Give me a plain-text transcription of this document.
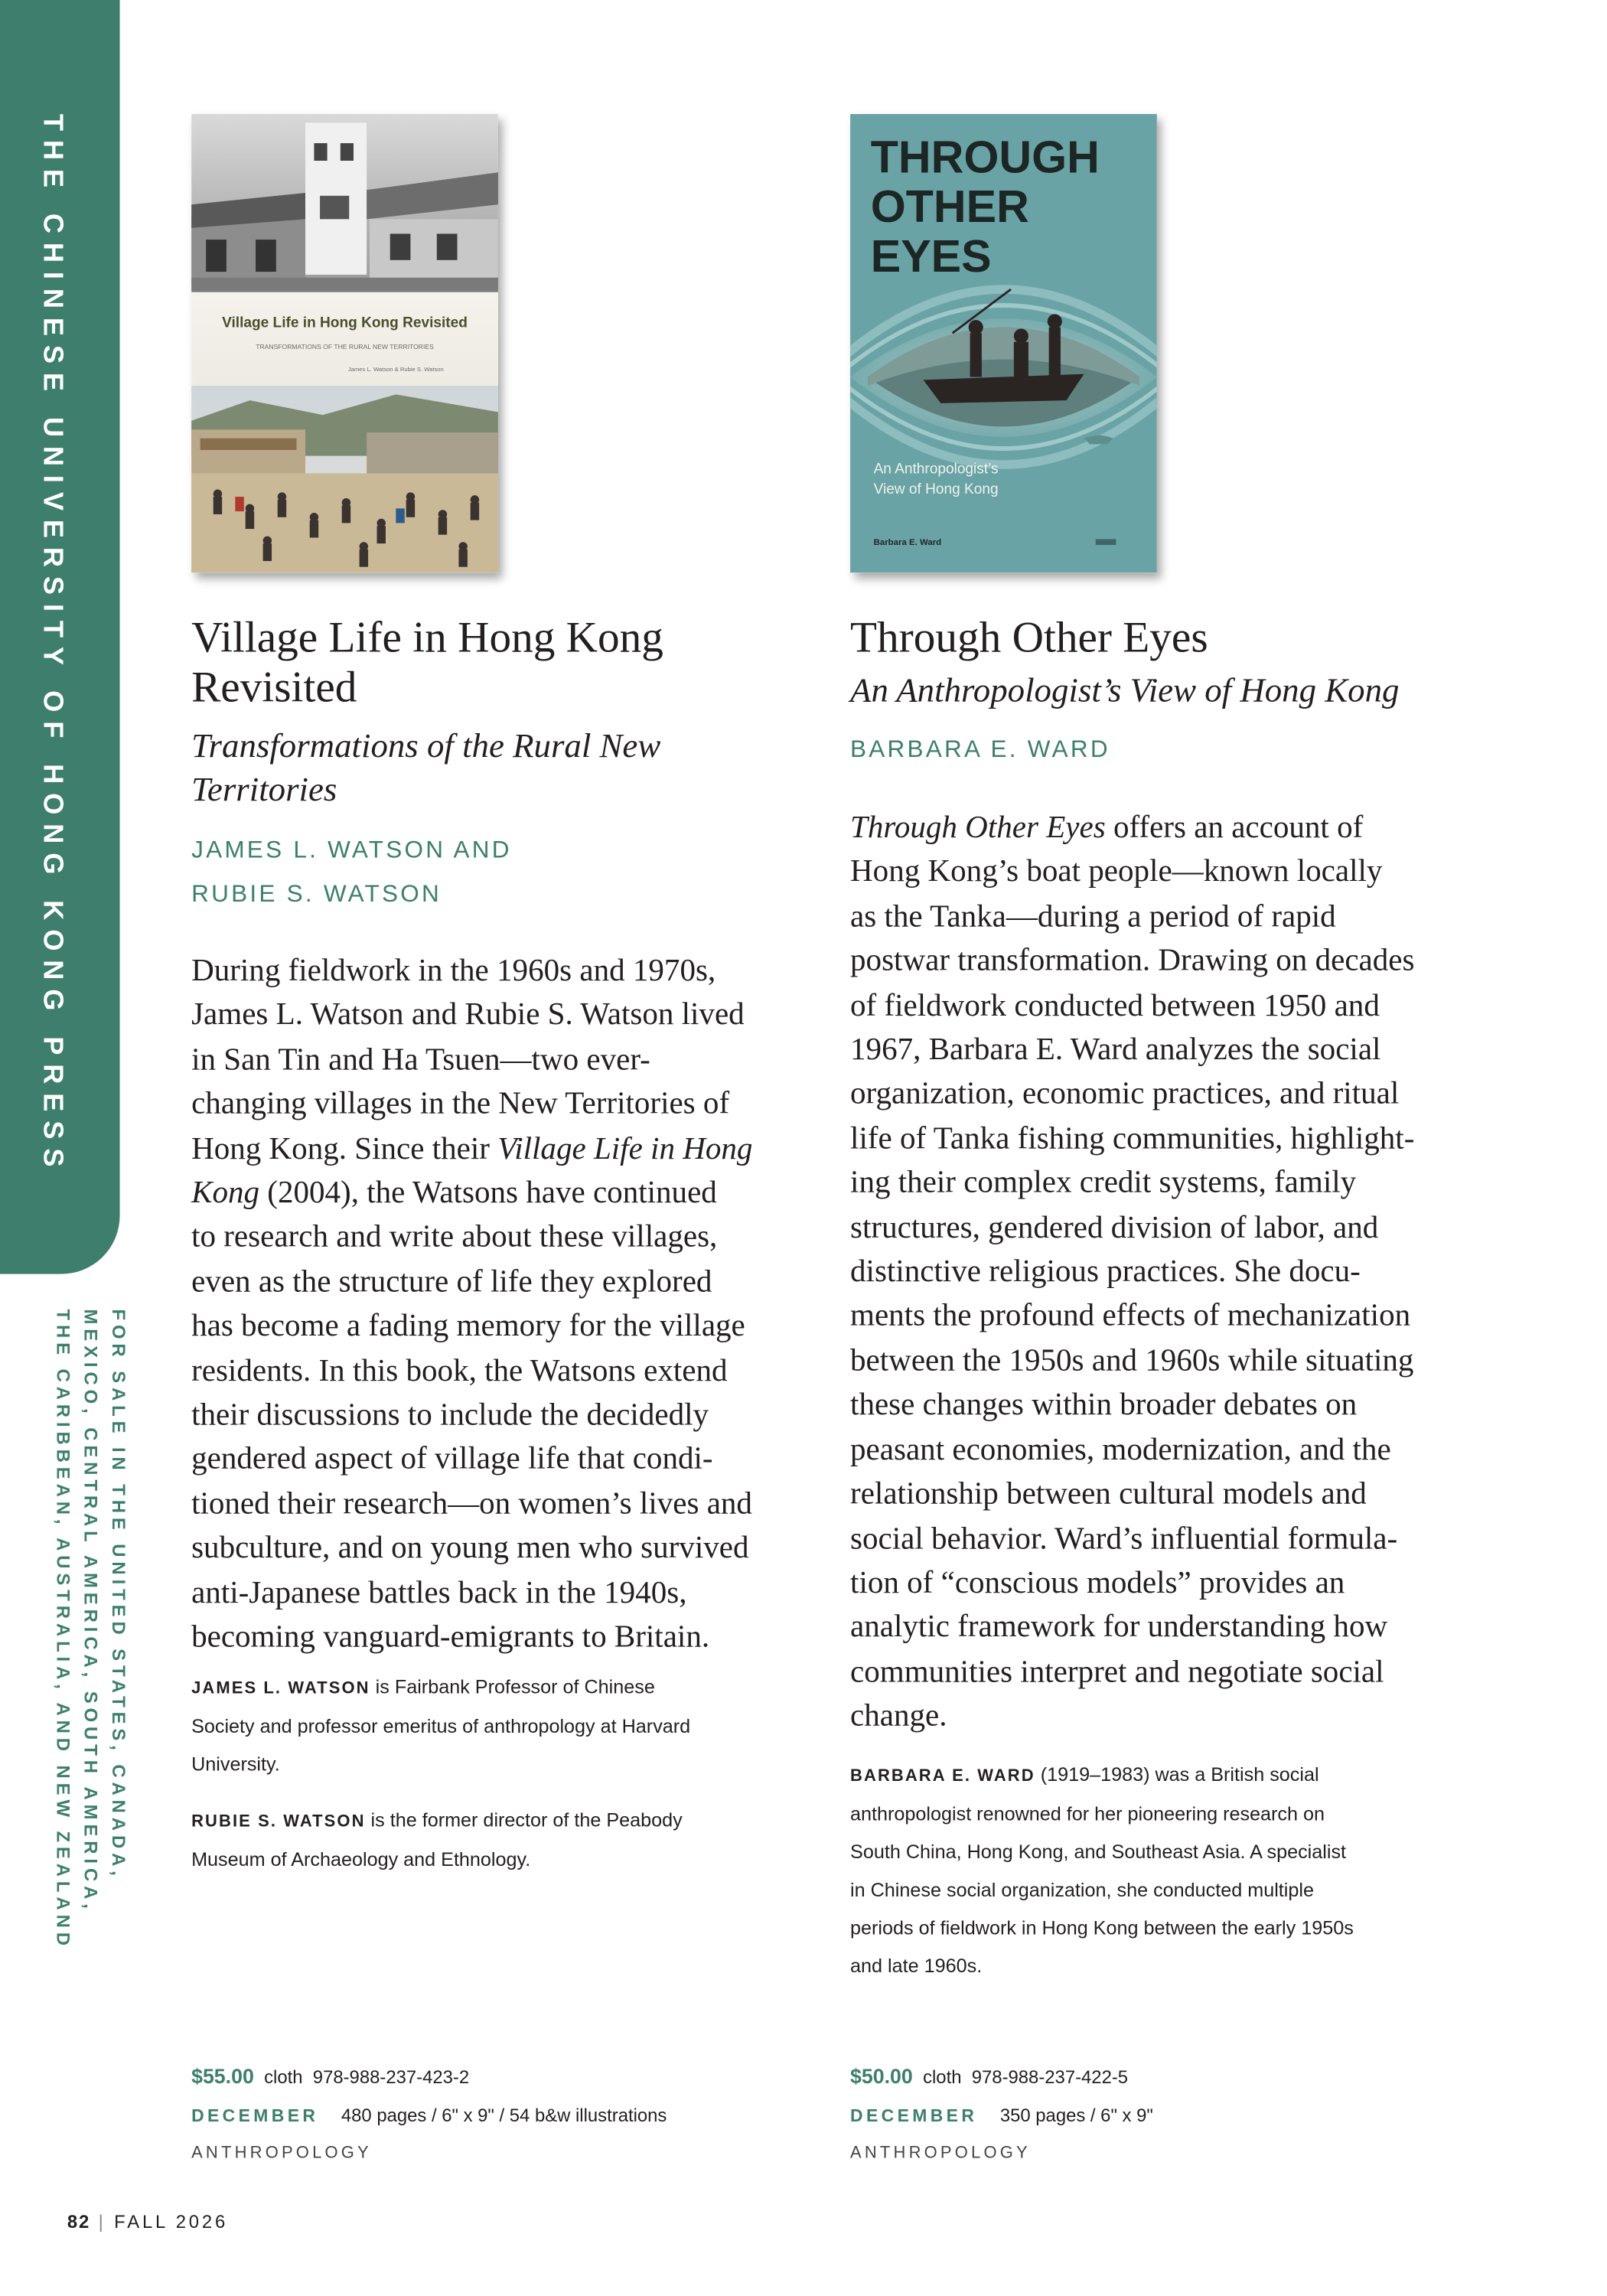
THE CHINESE UNIVERSITY OF HONG KONG PRESS
FOR SALE IN THE UNITED STATES, CANADA,
MEXICO, CENTRAL AMERICA, SOUTH AMERICA,
THE CARIBBEAN, AUSTRALIA, AND NEW ZEALAND
Village Life in Hong Kong Revisited
TRANSFORMATIONS OF THE RURAL NEW TERRITORIES
James L. Watson & Rubie S. Watson
Village Life in Hong Kong
Revisited

Transformations of the Rural New
Territories

JAMES L. WATSON AND
RUBIE S. WATSON

During fieldwork in the 1960s and 1970s,
James L. Watson and Rubie S. Watson lived
in San Tin and Ha Tsuen—two ever-
changing villages in the New Territories of
Hong Kong. Since their Village Life in Hong
Kong (2004), the Watsons have continued
to research and write about these villages,
even as the structure of life they explored
has become a fading memory for the village
residents. In this book, the Watsons extend
their discussions to include the decidedly
gendered aspect of village life that condi-
tioned their research—on women’s lives and
subculture, and on young men who survived
anti-Japanese battles back in the 1940s,
becoming vanguard-emigrants to Britain.

JAMES L. WATSON is Fairbank Professor of Chinese
Society and professor emeritus of anthropology at Harvard
University.

RUBIE S. WATSON is the former director of the Peabody
Museum of Archaeology and Ethnology.

$55.00 cloth 978-988-237-423-2
DECEMBER 480 pages / 6" x 9" / 54 b&w illustrations
ANTHROPOLOGY
THROUGH
OTHER
EYES
An Anthropologist’s
View of Hong Kong
Barbara E. Ward
Through Other Eyes

An Anthropologist’s View of Hong Kong

BARBARA E. WARD

Through Other Eyes offers an account of
Hong Kong’s boat people—known locally
as the Tanka—during a period of rapid
postwar transformation. Drawing on decades
of fieldwork conducted between 1950 and
1967, Barbara E. Ward analyzes the social
organization, economic practices, and ritual
life of Tanka fishing communities, highlight-
ing their complex credit systems, family
structures, gendered division of labor, and
distinctive religious practices. She docu-
ments the profound effects of mechanization
between the 1950s and 1960s while situating
these changes within broader debates on
peasant economies, modernization, and the
relationship between cultural models and
social behavior. Ward’s influential formula-
tion of “conscious models” provides an
analytic framework for understanding how
communities interpret and negotiate social
change.

BARBARA E. WARD (1919–1983) was a British social
anthropologist renowned for her pioneering research on
South China, Hong Kong, and Southeast Asia. A specialist
in Chinese social organization, she conducted multiple
periods of fieldwork in Hong Kong between the early 1950s
and late 1960s.

$50.00 cloth 978-988-237-422-5
DECEMBER 350 pages / 6" x 9"
ANTHROPOLOGY
82 | FALL 2026
